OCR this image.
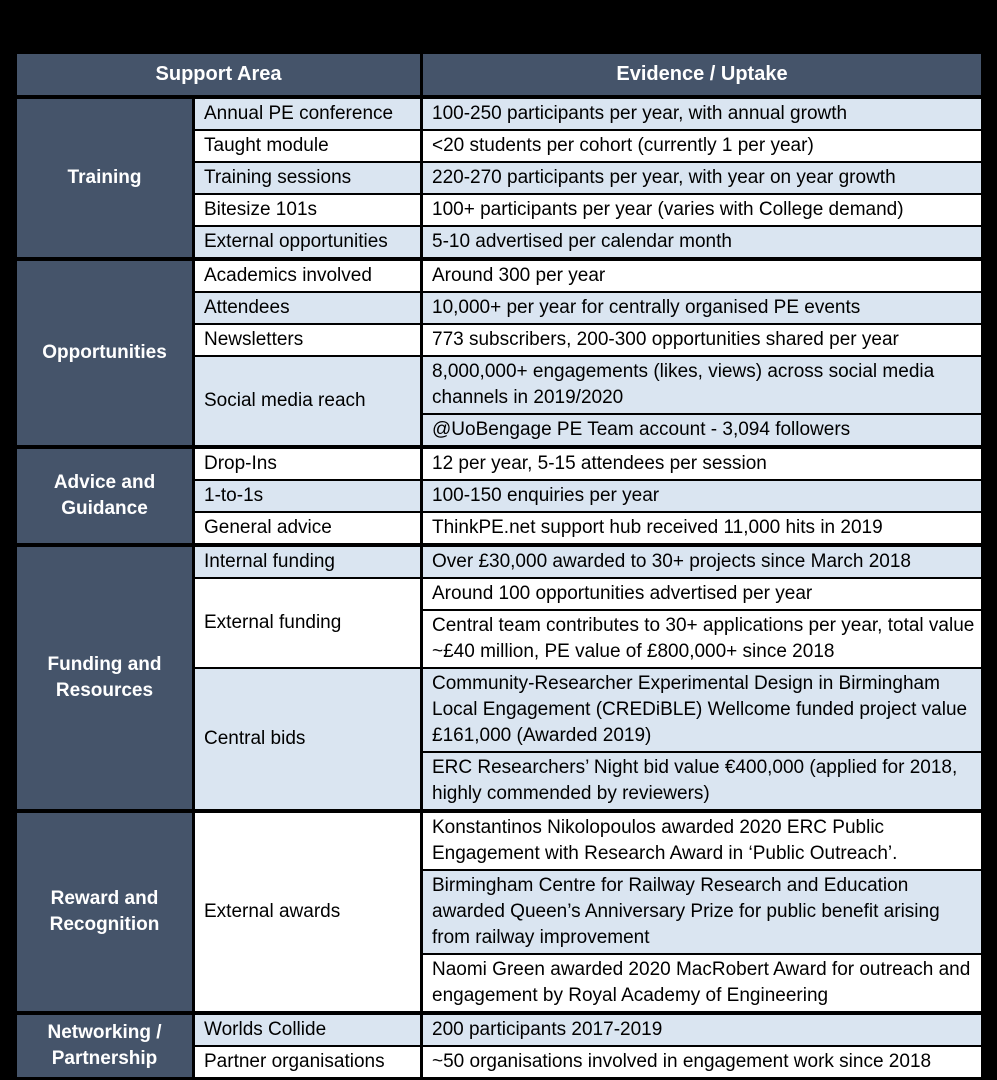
Support Area		Evidence / Uptake
Training	Annual PE conference	100-250 participants per year, with annual growth
	Taught module	<20 students per cohort (currently 1 per year)
	Training sessions	220-270 participants per year, with year on year growth
	Bitesize 101s	100+ participants per year (varies with College demand)
	External opportunities	5-10 advertised per calendar month
Opportunities	Academics involved	Around 300 per year
	Attendees	10,000+ per year for centrally organised PE events
	Newsletters	773 subscribers, 200-300 opportunities shared per year
	Social media reach	8,000,000+ engagements (likes, views) across social media channels in 2019/2020
		@UoBengage PE Team account - 3,094 followers
Advice and Guidance	Drop-Ins	12 per year, 5-15 attendees per session
	1-to-1s	100-150 enquiries per year
	General advice	ThinkPE.net support hub received 11,000 hits in 2019
Funding and Resources	Internal funding	Over £30,000 awarded to 30+ projects since March 2018
	External funding	Around 100 opportunities advertised per year
		Central team contributes to 30+ applications per year, total value ~£40 million, PE value of £800,000+ since 2018
	Central bids	Community-Researcher Experimental Design in Birmingham Local Engagement (CREDiBLE) Wellcome funded project value £161,000 (Awarded 2019)
		ERC Researchers’ Night bid value €400,000 (applied for 2018, highly commended by reviewers)
Reward and Recognition	External awards	Konstantinos Nikolopoulos awarded 2020 ERC Public Engagement with Research Award in ‘Public Outreach’.
		Birmingham Centre for Railway Research and Education awarded Queen’s Anniversary Prize for public benefit arising from railway improvement
		Naomi Green awarded 2020 MacRobert Award for outreach and engagement by Royal Academy of Engineering
Networking / Partnership	Worlds Collide	200 participants 2017-2019
	Partner organisations	~50 organisations involved in engagement work since 2018
